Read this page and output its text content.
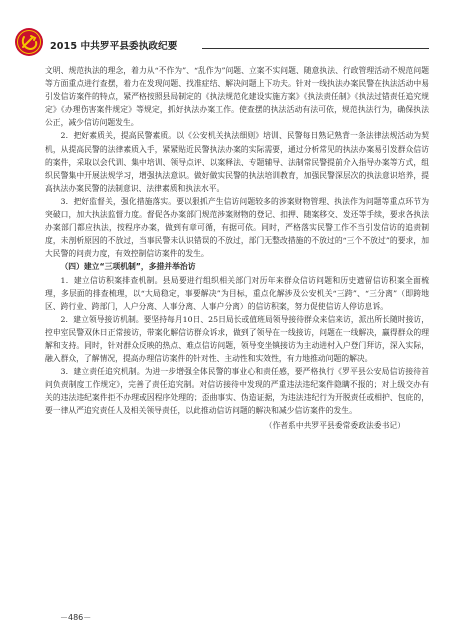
2015 中共罗平县委执政纪要

文明、规范执法的理念，着力从“不作为”、“乱作为”问题、立案不实问题、随意执法、行政管理活动不规范问题等方面重点进行查摆，着力在发现问题、找准症结、解决问题上下功夫。针对一线执法办案民警在执法活动中易引发信访案件的特点，紧严格按照县局制定的《执法规范化建设实施方案》《执法责任制》《执法过错责任追究规定》《办理伤害案件规定》等规定，抓好执法办案工作。使查摆的执法活动有法可依，规范执法行为，确保执法公正，减少信访问题发生。

2．把好素质关，提高民警素质。以《公安机关执法细则》培训、民警每日熟记熟背一条法律法规活动为契机，从提高民警的法律素质入手，紧紧贴近民警执法办案的实际需要，通过分析常见的执法办案易引发群众信访的案件，采取以会代训、集中培训、领导点评、以案释法、专题辅导、法制常民警提前介入指导办案等方式，组织民警集中开展法规学习，增强执法意识。做好做实民警的执法培训教育，加强民警深层次的执法意识培养，提高执法办案民警的法制意识、法律素质和执法水平。

3．把好监督关，强化措施落实。要以狠抓产生信访问题较多的涉案财物管理、执法作为问题等重点环节为突破口，加大执法监督力度。督促各办案部门规范涉案财物的登记、扣押、随案移交、发还等手续，要求各执法办案部门都应执法，按程序办案，做到有章可循，有据可依。同时，严格落实民警工作不当引发信访的追责制度，未剖析原因的不放过，当事民警未认识错误的不放过，部门无整改措施的不放过的“三个不放过”的要求，加大民警的问责力度，有效控制信访案件的发生。

（四）建立“三项机制”，多措并举治访

1．建立信访积案排查机制。县局要进行组织相关部门对历年来群众信访问题和历史遗留信访积案全面梳理，多层面的排查梳理，以“大局稳定，事要解决”为目标，重点化解涉及公安机关“三跨”、“三分离”（即跨地区、跨行业、跨部门，人户分离、人事分离、人事户分离）的信访积案，努力促使信访人停访息诉。

2．建立领导接访机制。要坚持每月10日、25日局长或值班局领导接待群众来信来访，派出所长随时接访，控申室民警双休日正常接访，带案化解信访群众诉求，做到了领导在一线接访，问题在一线解决，赢得群众的理解和支持。同时，针对群众反映的热点、难点信访问题，领导变坐镇接访为主动进村入户登门拜访，深入实际，融入群众，了解情况，提高办理信访案件的针对性、主动性和实效性，有力地推动问题的解决。

3．建立责任追究机制。为进一步增强全体民警的事业心和责任感，要严格执行《罗平县公安局信访接待首问负责制度工作规定》，完善了责任追究制。对信访接待中发现的严重违法违纪案件隐瞒不报的；对上级交办有关的违法违纪案件拒不办理或因程序处理的；歪曲事实、伪造证据，为违法违纪行为开脱责任或相护、包庇的，要一律从严追究责任人及相关领导责任，以此推动信访问题的解决和减少信访案件的发生。

（作者系中共罗平县委常委政法委书记）

－486－
